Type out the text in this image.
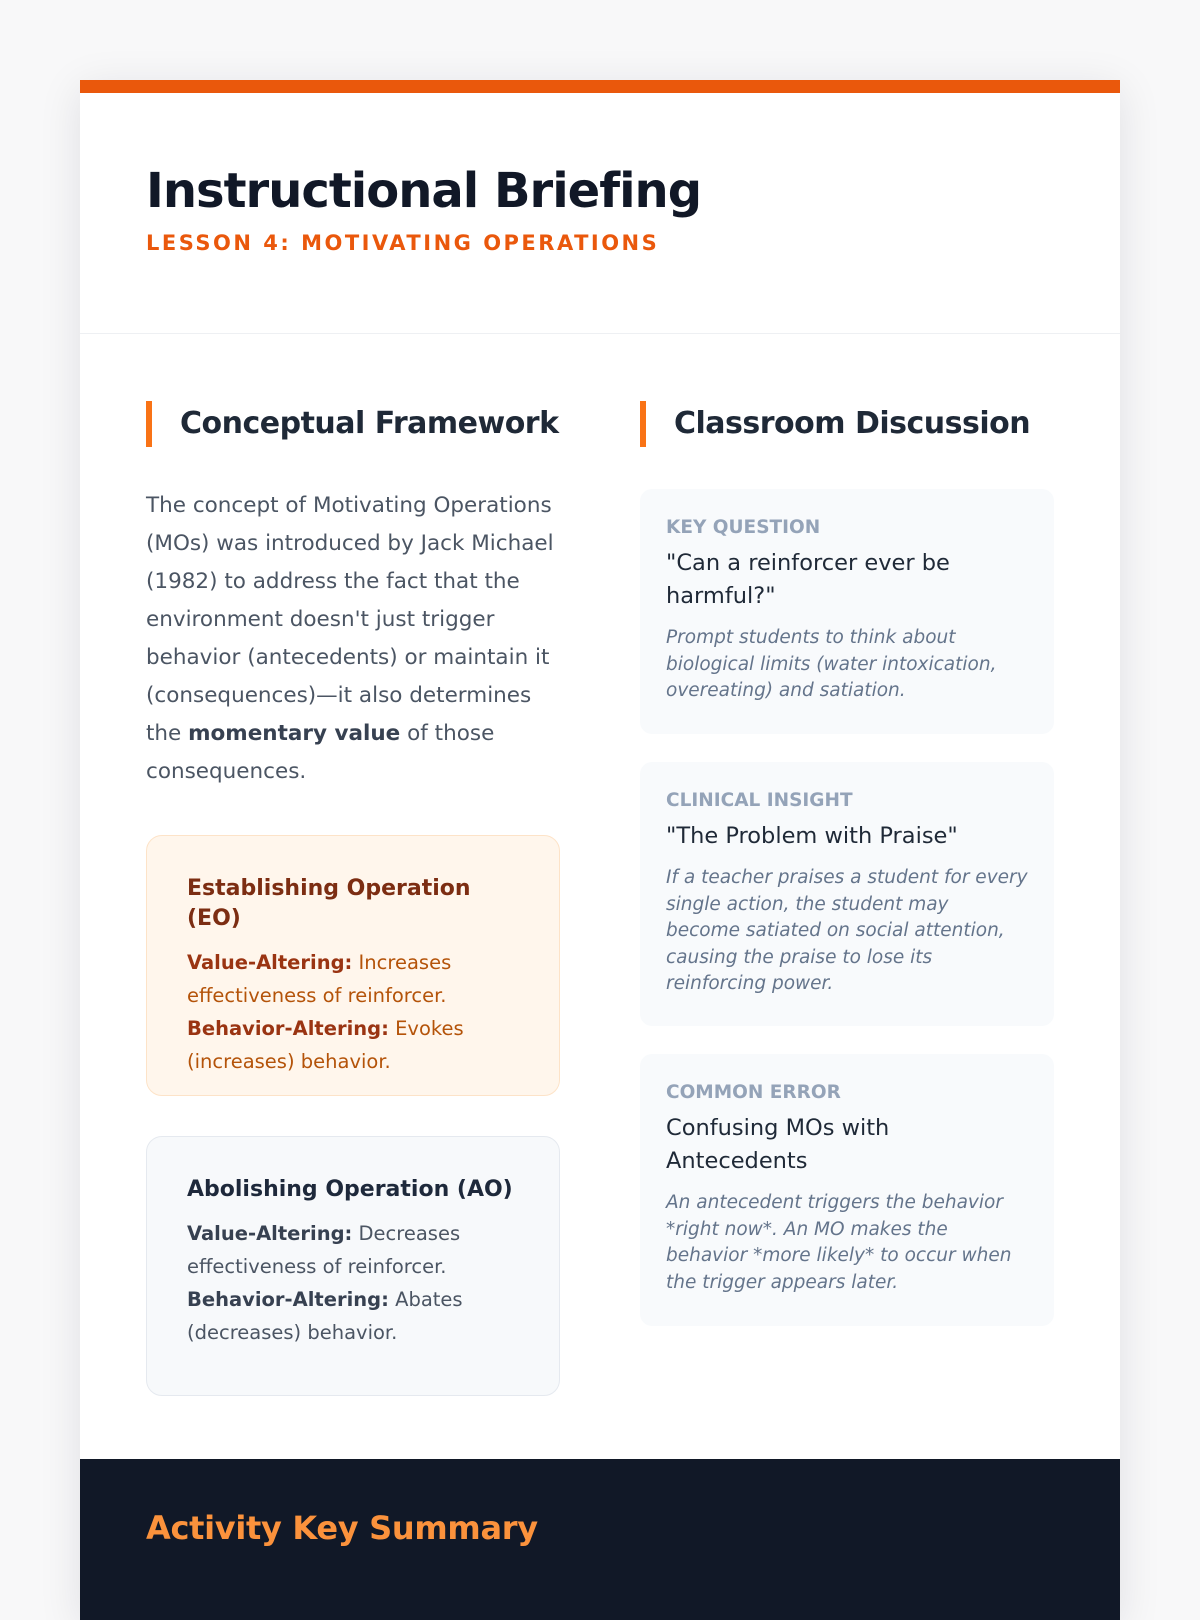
Instructional Briefing
LESSON 4: MOTIVATING OPERATIONS
Conceptual Framework

The concept of Motivating Operations (MOs) was introduced by Jack Michael (1982) to address the fact that the environment doesn't just trigger behavior (antecedents) or maintain it (consequences)—it also determines the momentary value of those consequences.

Establishing Operation (EO)
Value-Altering: Increases effectiveness of reinforcer.
Behavior-Altering: Evokes (increases) behavior.
Abolishing Operation (AO)
Value-Altering: Decreases effectiveness of reinforcer.
Behavior-Altering: Abates (decreases) behavior.
Classroom Discussion
KEY QUESTION
"Can a reinforcer ever be harmful?"
Prompt students to think about biological limits (water intoxication, overeating) and satiation.
CLINICAL INSIGHT
"The Problem with Praise"
If a teacher praises a student for every single action, the student may become satiated on social attention, causing the praise to lose its reinforcing power.
COMMON ERROR
Confusing MOs with Antecedents
An antecedent triggers the behavior *right now*. An MO makes the behavior *more likely* to occur when the trigger appears later.
Activity Key Summary
